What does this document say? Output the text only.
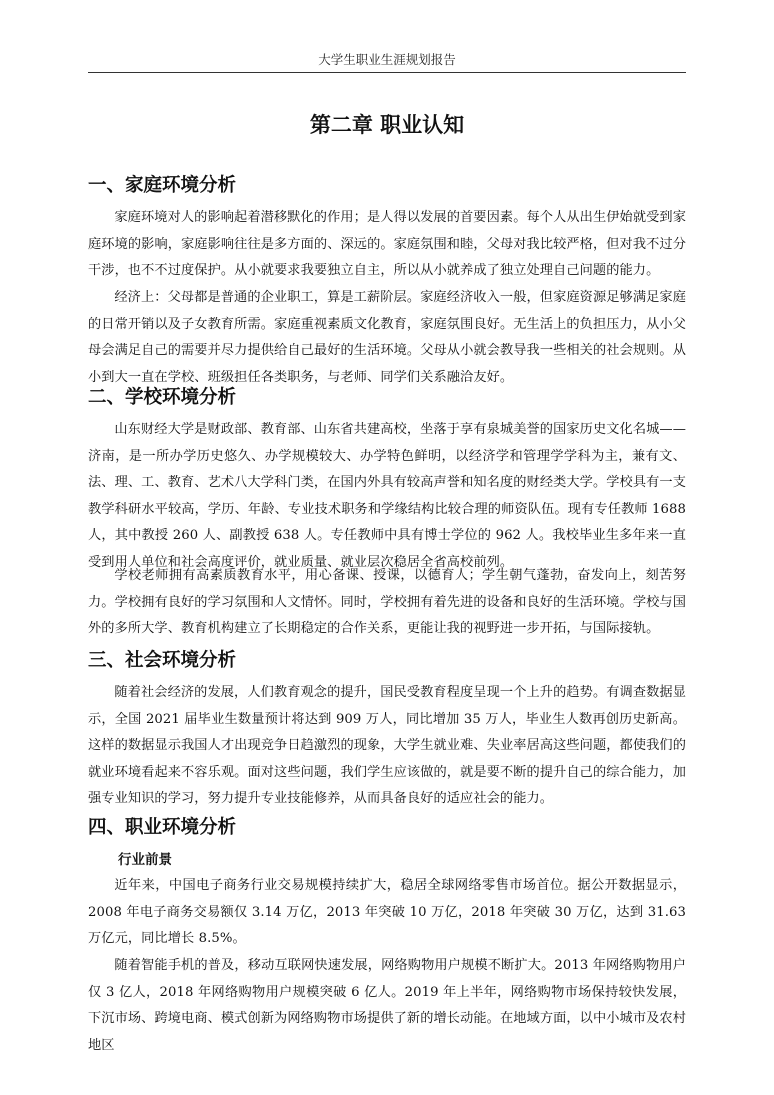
大学生职业生涯规划报告
第二章 职业认知
一、家庭环境分析

家庭环境对人的影响起着潜移默化的作用；是人得以发展的首要因素。每个人从出生伊始就受到家庭环境的影响，家庭影响往往是多方面的、深远的。家庭氛围和睦，父母对我比较严格，但对我不过分干涉，也不不过度保护。从小就要求我要独立自主，所以从小就养成了独立处理自己问题的能力。

经济上：父母都是普通的企业职工，算是工薪阶层。家庭经济收入一般，但家庭资源足够满足家庭的日常开销以及子女教育所需。家庭重视素质文化教育，家庭氛围良好。无生活上的负担压力，从小父母会满足自己的需要并尽力提供给自己最好的生活环境。父母从小就会教导我一些相关的社会规则。从小到大一直在学校、班级担任各类职务，与老师、同学们关系融洽友好。

二、学校环境分析

山东财经大学是财政部、教育部、山东省共建高校，坐落于享有泉城美誉的国家历史文化名城——济南，是一所办学历史悠久、办学规模较大、办学特色鲜明，以经济学和管理学学科为主，兼有文、法、理、工、教育、艺术八大学科门类，在国内外具有较高声誉和知名度的财经类大学。学校具有一支教学科研水平较高，学历、年龄、专业技术职务和学缘结构比较合理的师资队伍。现有专任教师 1688 人，其中教授 260 人、副教授 638 人。专任教师中具有博士学位的 962 人。我校毕业生多年来一直受到用人单位和社会高度评价，就业质量、就业层次稳居全省高校前列。

学校老师拥有高素质教育水平，用心备课、授课，以德育人；学生朝气蓬勃，奋发向上，刻苦努力。学校拥有良好的学习氛围和人文情怀。同时，学校拥有着先进的设备和良好的生活环境。学校与国外的多所大学、教育机构建立了长期稳定的合作关系，更能让我的视野进一步开拓，与国际接轨。

三、社会环境分析

随着社会经济的发展，人们教育观念的提升，国民受教育程度呈现一个上升的趋势。有调查数据显示，全国 2021 届毕业生数量预计将达到 909 万人，同比增加 35 万人，毕业生人数再创历史新高。这样的数据显示我国人才出现竞争日趋激烈的现象，大学生就业难、失业率居高这些问题，都使我们的就业环境看起来不容乐观。面对这些问题，我们学生应该做的，就是要不断的提升自己的综合能力，加强专业知识的学习，努力提升专业技能修养，从而具备良好的适应社会的能力。

四、职业环境分析
行业前景

近年来，中国电子商务行业交易规模持续扩大，稳居全球网络零售市场首位。据公开数据显示，2008 年电子商务交易额仅 3.14 万亿，2013 年突破 10 万亿，2018 年突破 30 万亿，达到 31.63 万亿元，同比增长 8.5%。

随着智能手机的普及，移动互联网快速发展，网络购物用户规模不断扩大。2013 年网络购物用户仅 3 亿人，2018 年网络购物用户规模突破 6 亿人。2019 年上半年，网络购物市场保持较快发展，下沉市场、跨境电商、模式创新为网络购物市场提供了新的增长动能。在地域方面，以中小城市及农村地区
